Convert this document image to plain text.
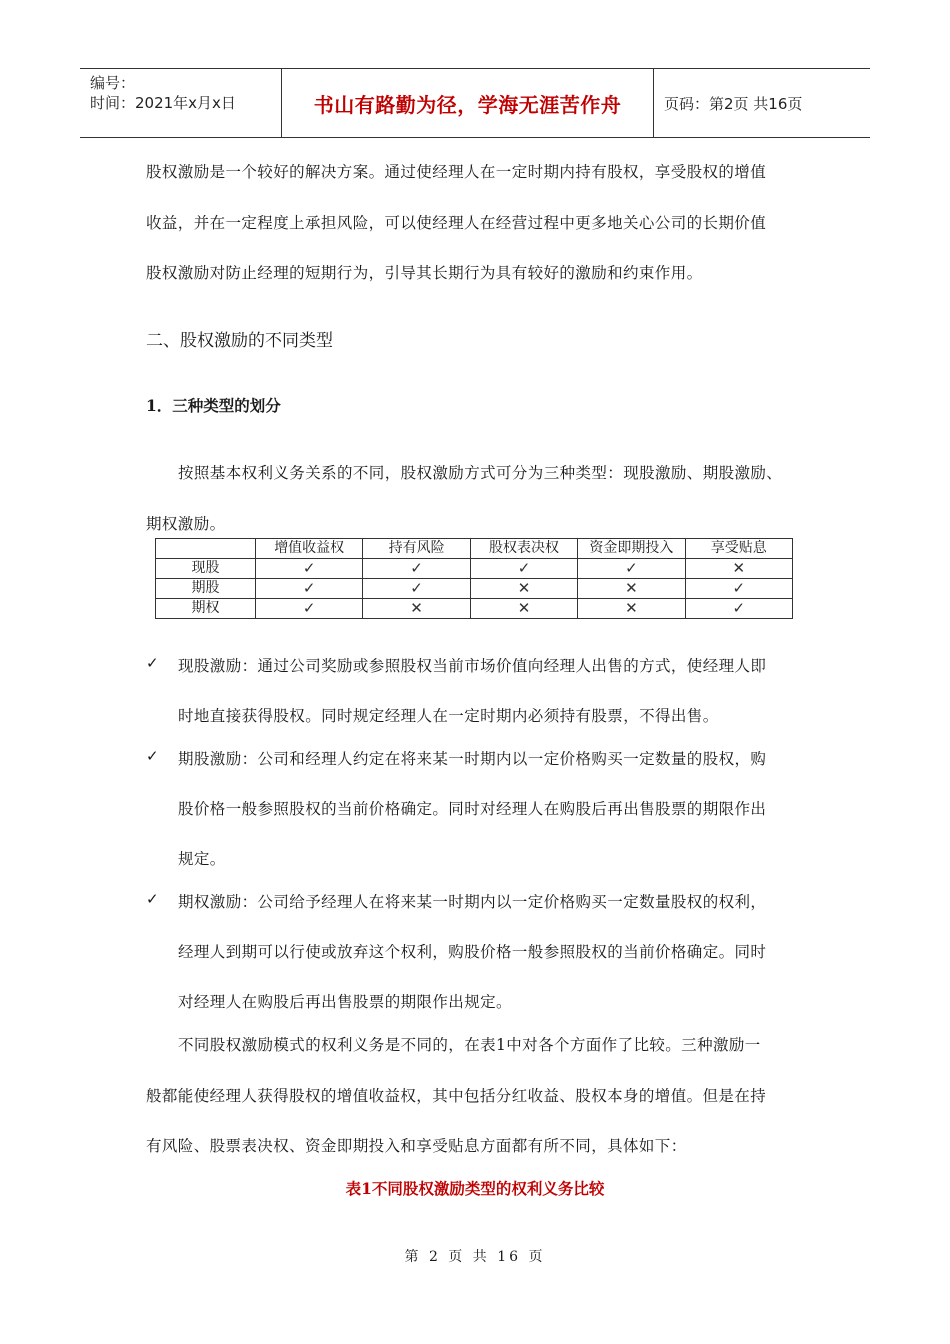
编号：
时间：2021年x月x日	书山有路勤为径，学海无涯苦作舟	页码：第2页 共16页
股权激励是一个较好的解决方案。通过使经理人在一定时期内持有股权，享受股权的增值
收益，并在一定程度上承担风险，可以使经理人在经营过程中更多地关心公司的长期价值
股权激励对防止经理的短期行为，引导其长期行为具有较好的激励和约束作用。
二、股权激励的不同类型
1．三种类型的划分
按照基本权利义务关系的不同，股权激励方式可分为三种类型：现股激励、期股激励、
期权激励。
	增值收益权	持有风险	股权表决权	资金即期投入	享受贴息
现股	✓	✓	✓	✓	✕
期股	✓	✓	✕	✕	✓
期权	✓	✕	✕	✕	✓
✓ 现股激励：通过公司奖励或参照股权当前市场价值向经理人出售的方式，使经理人即
时地直接获得股权。同时规定经理人在一定时期内必须持有股票，不得出售。
✓ 期股激励：公司和经理人约定在将来某一时期内以一定价格购买一定数量的股权，购
股价格一般参照股权的当前价格确定。同时对经理人在购股后再出售股票的期限作出
规定。
✓ 期权激励：公司给予经理人在将来某一时期内以一定价格购买一定数量股权的权利，
经理人到期可以行使或放弃这个权利，购股价格一般参照股权的当前价格确定。同时
对经理人在购股后再出售股票的期限作出规定。
不同股权激励模式的权利义务是不同的，在表1中对各个方面作了比较。三种激励一
般都能使经理人获得股权的增值收益权，其中包括分红收益、股权本身的增值。但是在持
有风险、股票表决权、资金即期投入和享受贴息方面都有所不同，具体如下：
表1不同股权激励类型的权利义务比较
第 2 页 共 16 页
